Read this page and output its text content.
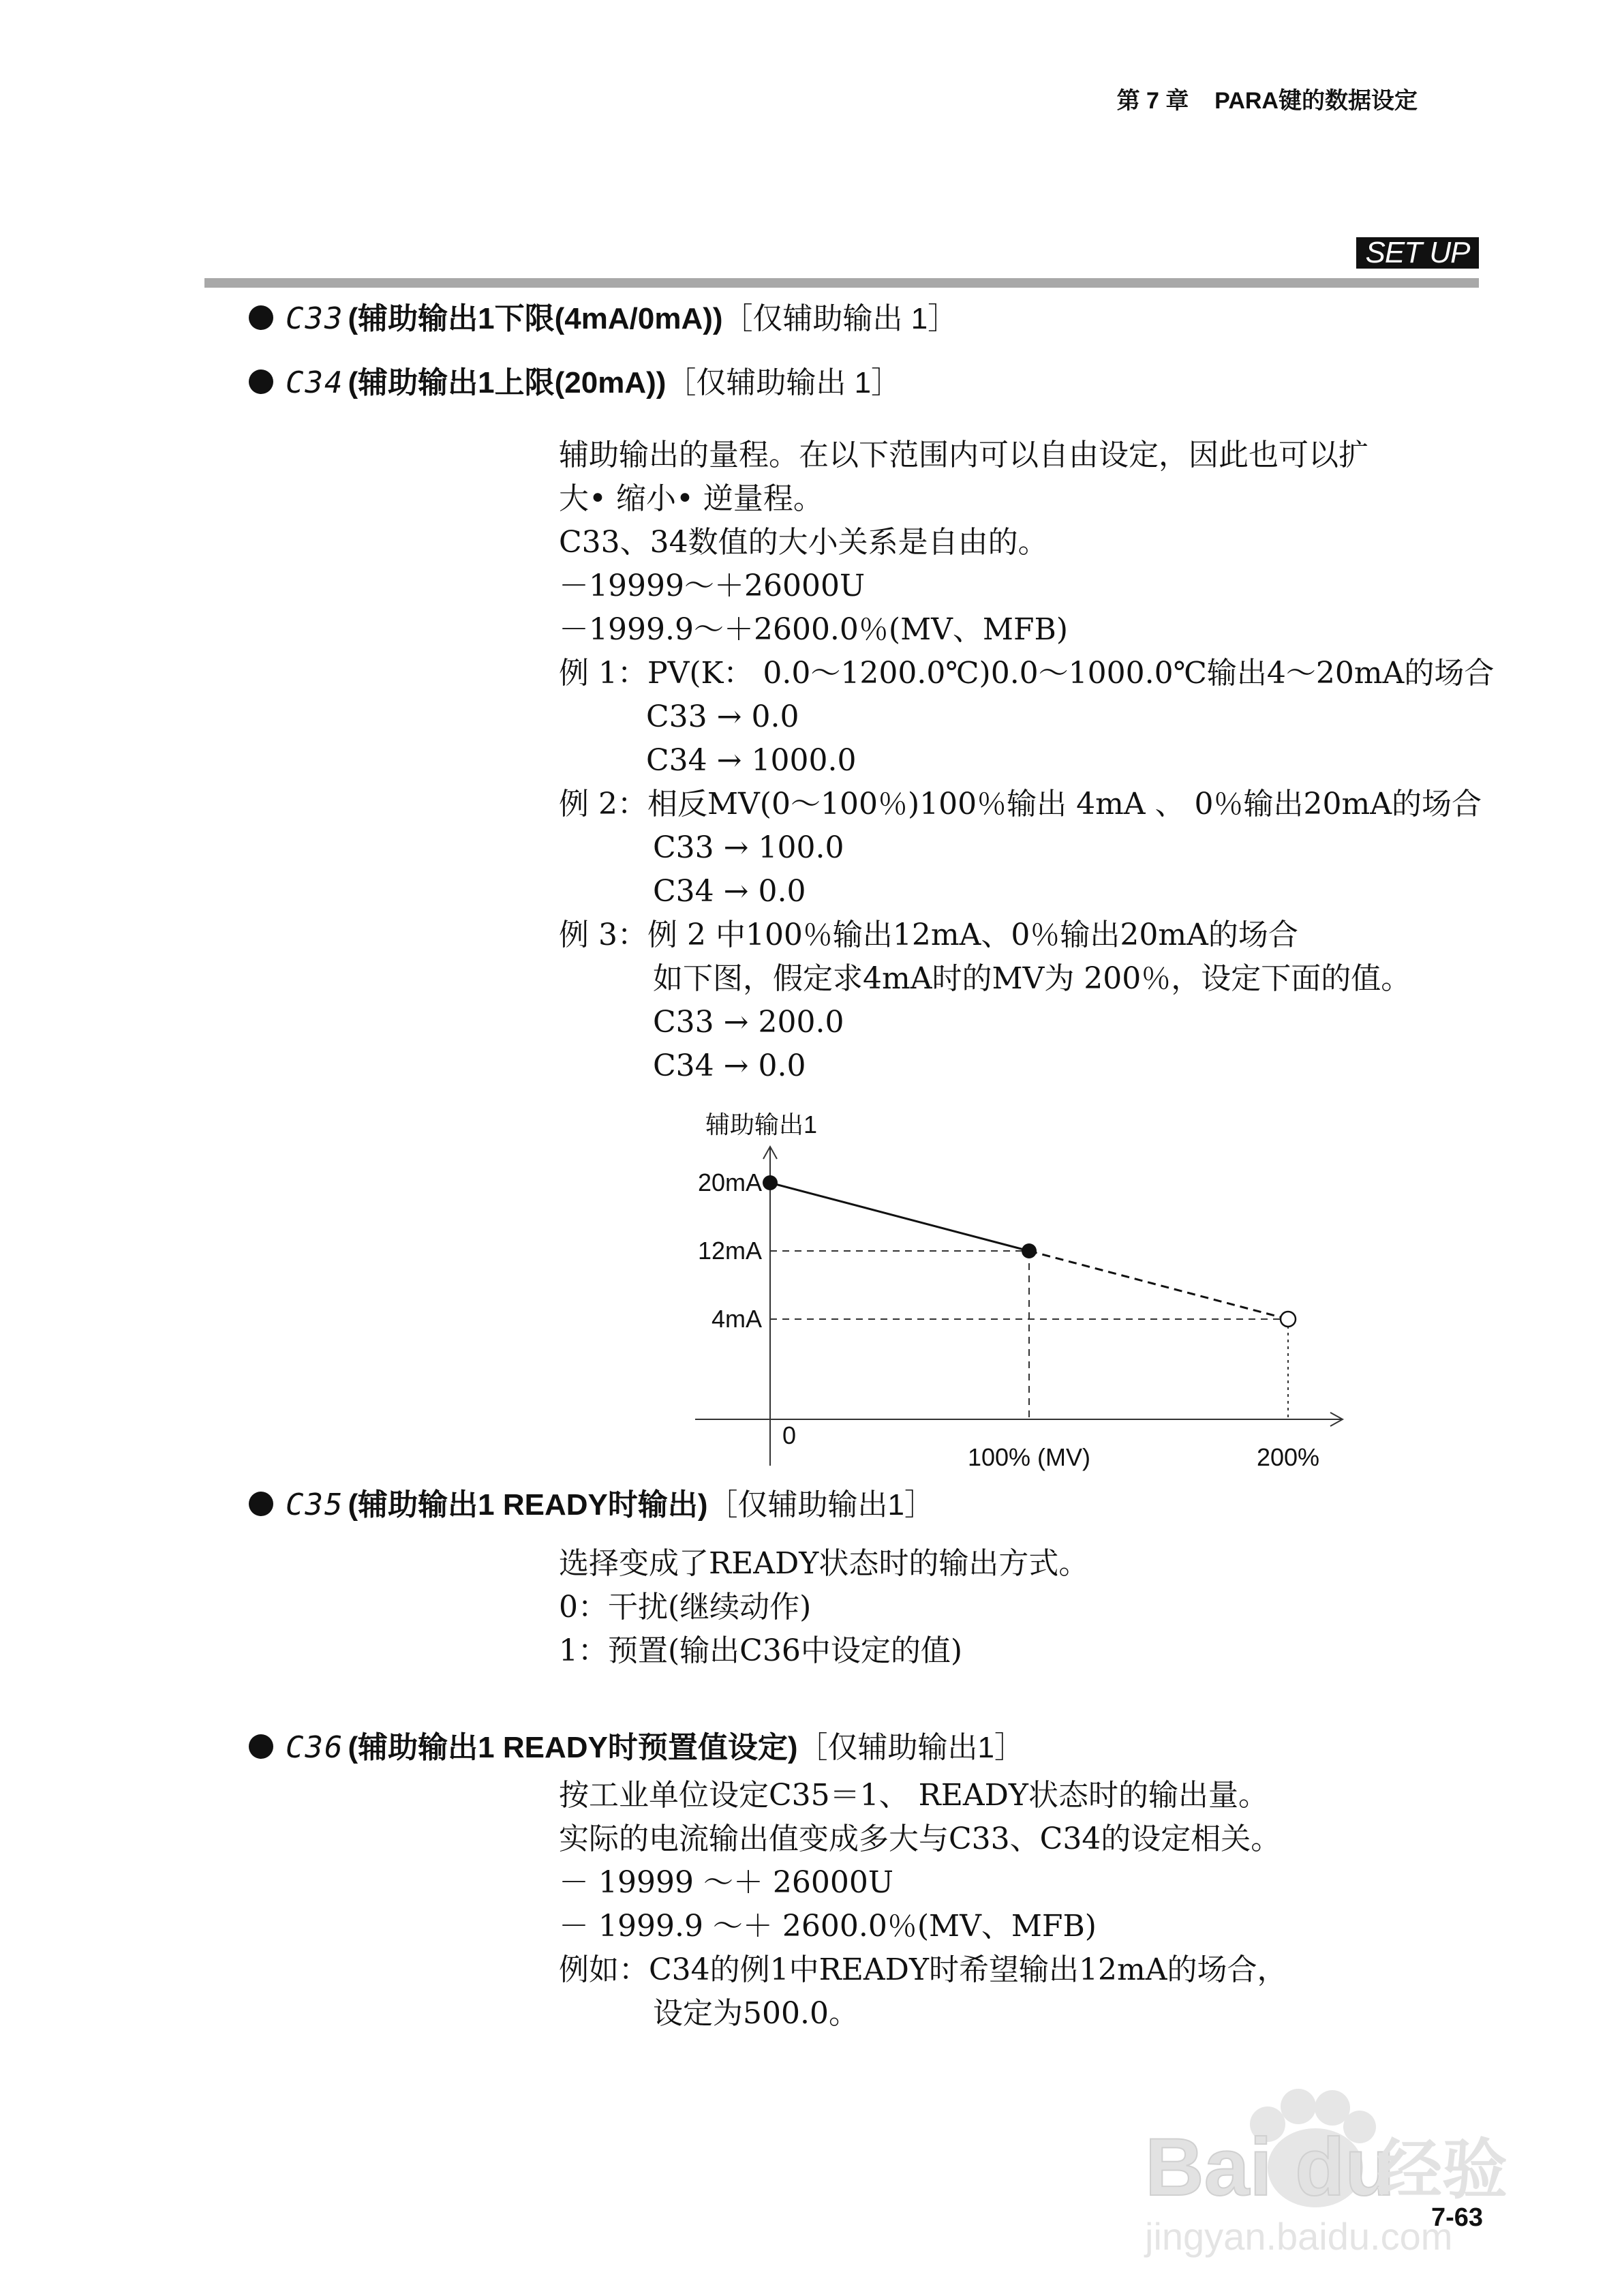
第 7 章 PARA键的数据设定
SET UP
C33 (辅助输出1下限(4mA/0mA))［仅辅助输出 1］
C34 (辅助输出1上限(20mA))［仅辅助输出 1］
辅助输出的量程。在以下范围内可以自由设定，因此也可以扩
大• 缩小• 逆量程。
C33、34数值的大小关系是自由的。
－19999～＋26000U
－1999.9～＋2600.0％(MV、MFB)
例 1：PV(K： 0.0～1200.0℃)0.0～1000.0℃输出4～20mA的场合
C33 → 0.0
C34 → 1000.0
例 2：相反MV(0～100％)100％输出 4mA 、 0％输出20mA的场合
C33 → 100.0
C34 → 0.0
例 3：例 2 中100％输出12mA、0％输出20mA的场合
如下图，假定求4mA时的MV为 200％，设定下面的值。
C33 → 200.0
C34 → 0.0
辅助输出1
20mA
12mA
4mA
0
100% (MV)	200%
C35 (辅助输出1 READY时输出)［仅辅助输出1］
选择变成了READY状态时的输出方式。
0：干扰(继续动作)
1：预置(输出C36中设定的值)
C36 (辅助输出1 READY时预置值设定)［仅辅助输出1］
按工业单位设定C35＝1、 READY状态时的输出量。
实际的电流输出值变成多大与C33、C34的设定相关。
－ 19999 ～＋ 26000U
－ 1999.9 ～＋ 2600.0％(MV、MFB)
例如：C34的例1中READY时希望输出12mA的场合，
设定为500.0。
Bai du
经验
jingyan.baidu.com
7-63
